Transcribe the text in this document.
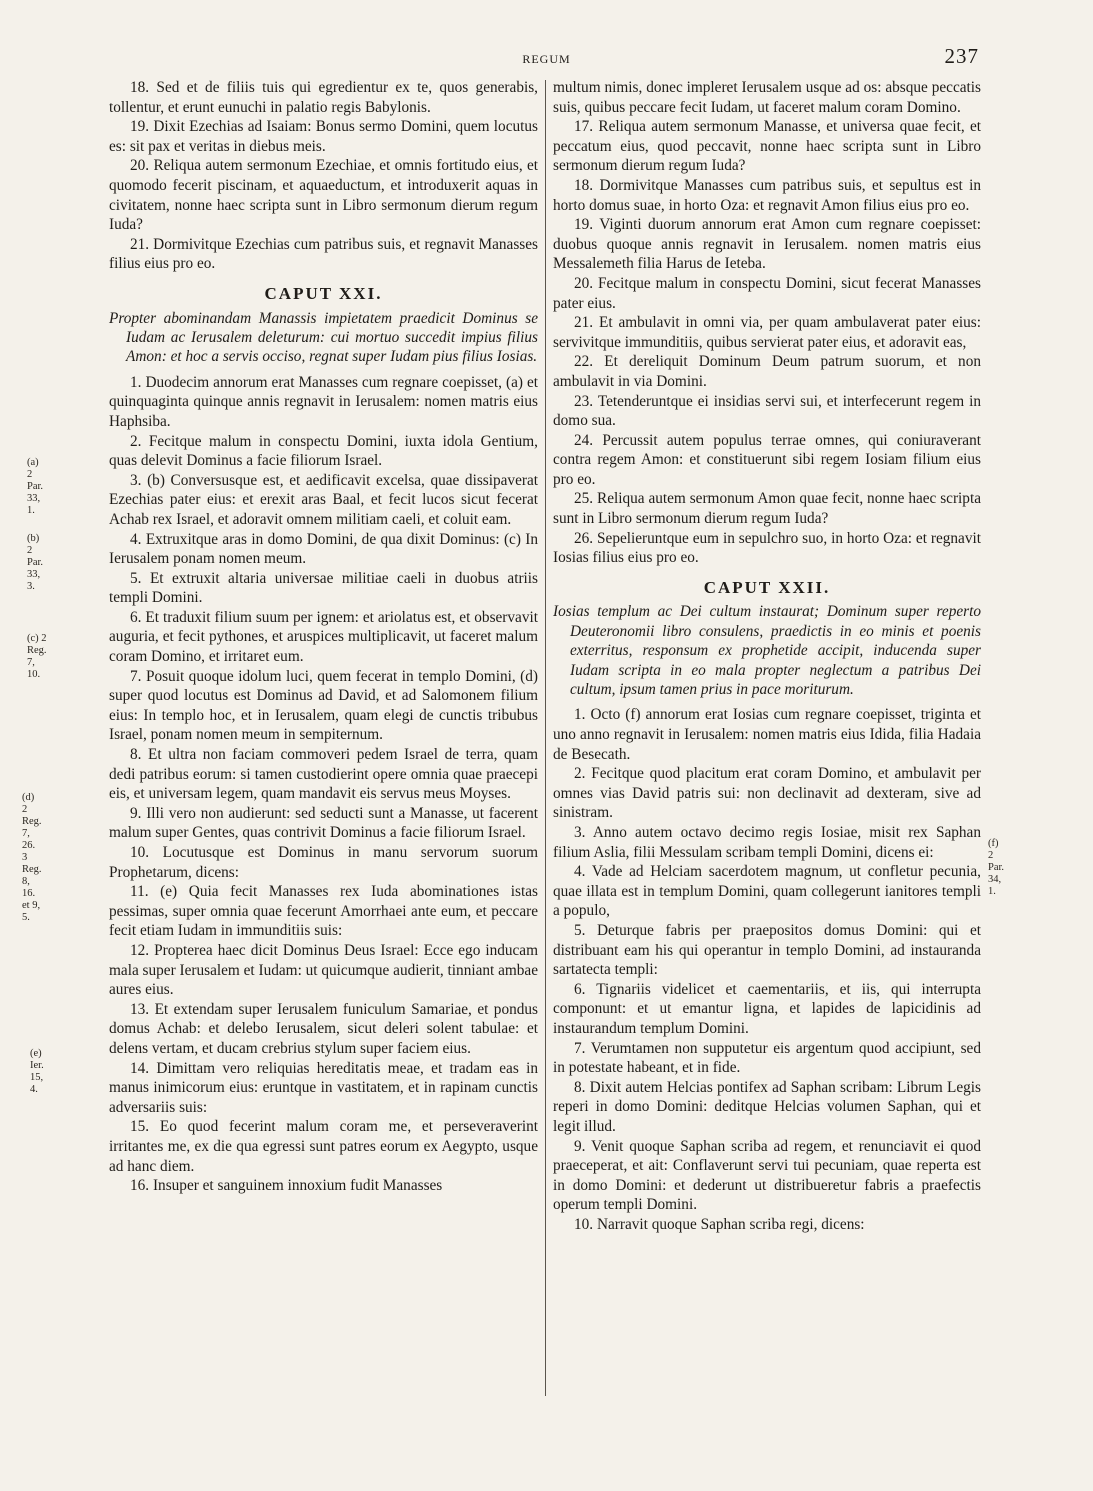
REGUM	237
(a) 2 Par.
33, 1.
(b) 2 Par.
33, 3.
(c) 2 Reg.
7, 10.
(d) 2 Reg. 7,
26. 3 Reg. 8,
16. et 9, 5.
(e) Ier. 15, 4.

18. Sed et de filiis tuis qui egredientur ex te, quos generabis, tollentur, et erunt eunuchi in palatio regis Babylonis.

19. Dixit Ezechias ad Isaiam: Bonus sermo Domini, quem locutus es: sit pax et veritas in diebus meis.

20. Reliqua autem sermonum Ezechiae, et omnis fortitudo eius, et quomodo fecerit piscinam, et aquaeductum, et introduxerit aquas in civitatem, nonne haec scripta sunt in Libro sermonum dierum regum Iuda?

21. Dormivitque Ezechias cum patribus suis, et regnavit Manasses filius eius pro eo.

CAPUT XXI.

Propter abominandam Manassis impietatem praedicit Dominus se Iudam ac Ierusalem deleturum: cui mortuo succedit impius filius Amon: et hoc a servis occiso, regnat super Iudam pius filius Iosias.

1. Duodecim annorum erat Manasses cum regnare coepisset, (a) et quinquaginta quinque annis regnavit in Ierusalem: nomen matris eius Haphsiba.

2. Fecitque malum in conspectu Domini, iuxta idola Gentium, quas delevit Dominus a facie filiorum Israel.

3. (b) Conversusque est, et aedificavit excelsa, quae dissipaverat Ezechias pater eius: et erexit aras Baal, et fecit lucos sicut fecerat Achab rex Israel, et adoravit omnem militiam caeli, et coluit eam.

4. Extruxitque aras in domo Domini, de qua dixit Dominus: (c) In Ierusalem ponam nomen meum.

5. Et extruxit altaria universae militiae caeli in duobus atriis templi Domini.

6. Et traduxit filium suum per ignem: et ariolatus est, et observavit auguria, et fecit pythones, et aruspices multiplicavit, ut faceret malum coram Domino, et irritaret eum.

7. Posuit quoque idolum luci, quem fecerat in templo Domini, (d) super quod locutus est Dominus ad David, et ad Salomonem filium eius: In templo hoc, et in Ierusalem, quam elegi de cunctis tribubus Israel, ponam nomen meum in sempiternum.

8. Et ultra non faciam commoveri pedem Israel de terra, quam dedi patribus eorum: si tamen custodierint opere omnia quae praecepi eis, et universam legem, quam mandavit eis servus meus Moyses.

9. Illi vero non audierunt: sed seducti sunt a Manasse, ut facerent malum super Gentes, quas contrivit Dominus a facie filiorum Israel.

10. Locutusque est Dominus in manu servorum suorum Prophetarum, dicens:

11. (e) Quia fecit Manasses rex Iuda abominationes istas pessimas, super omnia quae fecerunt Amorrhaei ante eum, et peccare fecit etiam Iudam in immunditiis suis:

12. Propterea haec dicit Dominus Deus Israel: Ecce ego inducam mala super Ierusalem et Iudam: ut quicumque audierit, tinniant ambae aures eius.

13. Et extendam super Ierusalem funiculum Samariae, et pondus domus Achab: et delebo Ierusalem, sicut deleri solent tabulae: et delens vertam, et ducam crebrius stylum super faciem eius.

14. Dimittam vero reliquias hereditatis meae, et tradam eas in manus inimicorum eius: eruntque in vastitatem, et in rapinam cunctis adversariis suis:

15. Eo quod fecerint malum coram me, et perseveraverint irritantes me, ex die qua egressi sunt patres eorum ex Aegypto, usque ad hanc diem.

16. Insuper et sanguinem innoxium fudit Manasses

multum nimis, donec impleret Ierusalem usque ad os: absque peccatis suis, quibus peccare fecit Iudam, ut faceret malum coram Domino.

17. Reliqua autem sermonum Manasse, et universa quae fecit, et peccatum eius, quod peccavit, nonne haec scripta sunt in Libro sermonum dierum regum Iuda?

18. Dormivitque Manasses cum patribus suis, et sepultus est in horto domus suae, in horto Oza: et regnavit Amon filius eius pro eo.

19. Viginti duorum annorum erat Amon cum regnare coepisset: duobus quoque annis regnavit in Ierusalem. nomen matris eius Messalemeth filia Harus de Ieteba.

20. Fecitque malum in conspectu Domini, sicut fecerat Manasses pater eius.

21. Et ambulavit in omni via, per quam ambulaverat pater eius: servivitque immunditiis, quibus servierat pater eius, et adoravit eas,

22. Et dereliquit Dominum Deum patrum suorum, et non ambulavit in via Domini.

23. Tetenderuntque ei insidias servi sui, et interfecerunt regem in domo sua.

24. Percussit autem populus terrae omnes, qui coniuraverant contra regem Amon: et constituerunt sibi regem Iosiam filium eius pro eo.

25. Reliqua autem sermonum Amon quae fecit, nonne haec scripta sunt in Libro sermonum dierum regum Iuda?

26. Sepelieruntque eum in sepulchro suo, in horto Oza: et regnavit Iosias filius eius pro eo.

CAPUT XXII.

Iosias templum ac Dei cultum instaurat; Dominum super reperto Deuteronomii libro consulens, praedictis in eo minis et poenis exterritus, responsum ex prophetide accipit, inducenda super Iudam scripta in eo mala propter neglectum a patribus Dei cultum, ipsum tamen prius in pace moriturum.

1. Octo (f) annorum erat Iosias cum regnare coepisset, triginta et uno anno regnavit in Ierusalem: nomen matris eius Idida, filia Hadaia de Besecath.

2. Fecitque quod placitum erat coram Domino, et ambulavit per omnes vias David patris sui: non declinavit ad dexteram, sive ad sinistram.

3. Anno autem octavo decimo regis Iosiae, misit rex Saphan filium Aslia, filii Messulam scribam templi Domini, dicens ei:

4. Vade ad Helciam sacerdotem magnum, ut confletur pecunia, quae illata est in templum Domini, quam collegerunt ianitores templi a populo,

5. Deturque fabris per praepositos domus Domini: qui et distribuant eam his qui operantur in templo Domini, ad instauranda sartatecta templi:

6. Tignariis videlicet et caementariis, et iis, qui interrupta componunt: et ut emantur ligna, et lapides de lapicidinis ad instaurandum templum Domini.

7. Verumtamen non supputetur eis argentum quod accipiunt, sed in potestate habeant, et in fide.

8. Dixit autem Helcias pontifex ad Saphan scribam: Librum Legis reperi in domo Domini: deditque Helcias volumen Saphan, qui et legit illud.

9. Venit quoque Saphan scriba ad regem, et renunciavit ei quod praeceperat, et ait: Conflaverunt servi tui pecuniam, quae reperta est in domo Domini: et dederunt ut distribueretur fabris a praefectis operum templi Domini.

10. Narravit quoque Saphan scriba regi, dicens:

(f) 2 Par.
34, 1.
